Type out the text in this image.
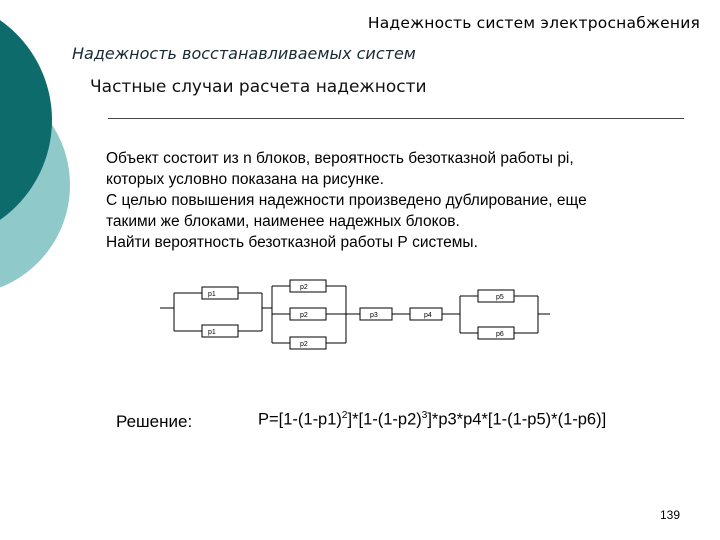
Надежность систем электроснабжения
Надежность восстанавливаемых систем
Частные случаи расчета надежности
Объект состоит из n блоков, вероятность безотказной работы pi,
которых условно показана на рисунке.
С целью повышения надежности произведено дублирование, еще
такими же блоками, наименее надежных блоков.
Найти вероятность безотказной работы Р системы.
p1
p1
p2
p2
p2
p3	p4
p5
p6
Решение:	$P=[1-(1-p1)^2]*[1-(1-p2)^3]*p3*p4*[1-(1-p5)*(1-p6)]$
139
